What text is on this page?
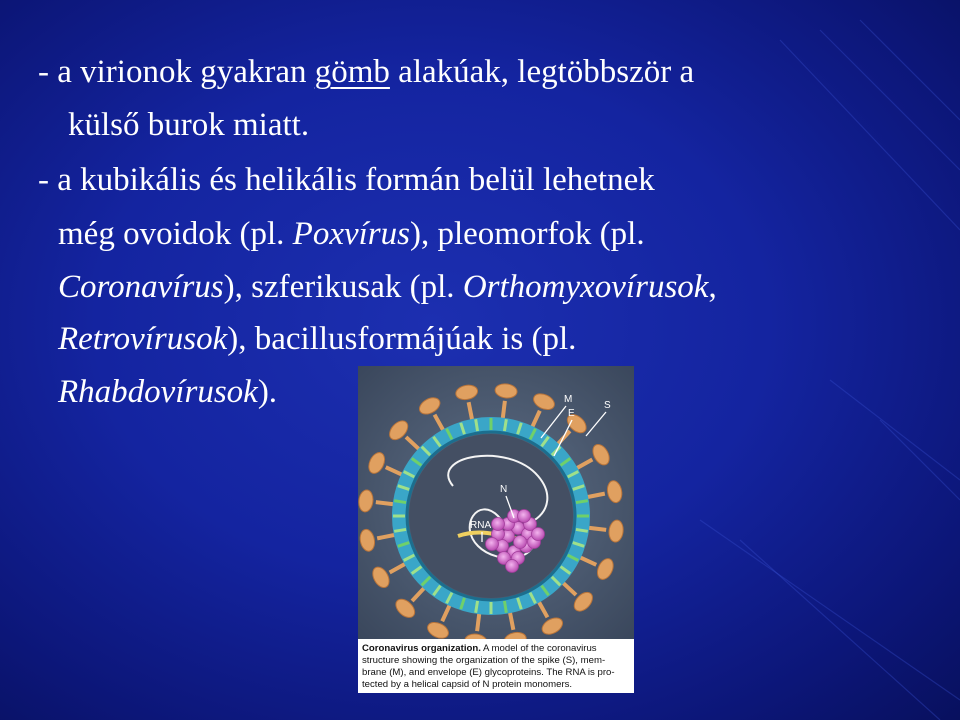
- a virionok gyakran gömb alakúak, legtöbbször a
külső burok miatt.
- a kubikális és helikális formán belül lehetnek
még ovoidok (pl. Poxvírus), pleomorfok (pl.
Coronavírus), szferikusak (pl. Orthomyxovírusok,
Retrovírusok), bacillusformájúak is (pl.
Rhabdovírusok).	M
E
S
N
RNA
Coronavirus organization. A model of the coronavirus
structure showing the organization of the spike (S), mem-
brane (M), and envelope (E) glycoproteins. The RNA is pro-
tected by a helical capsid of N protein monomers.
